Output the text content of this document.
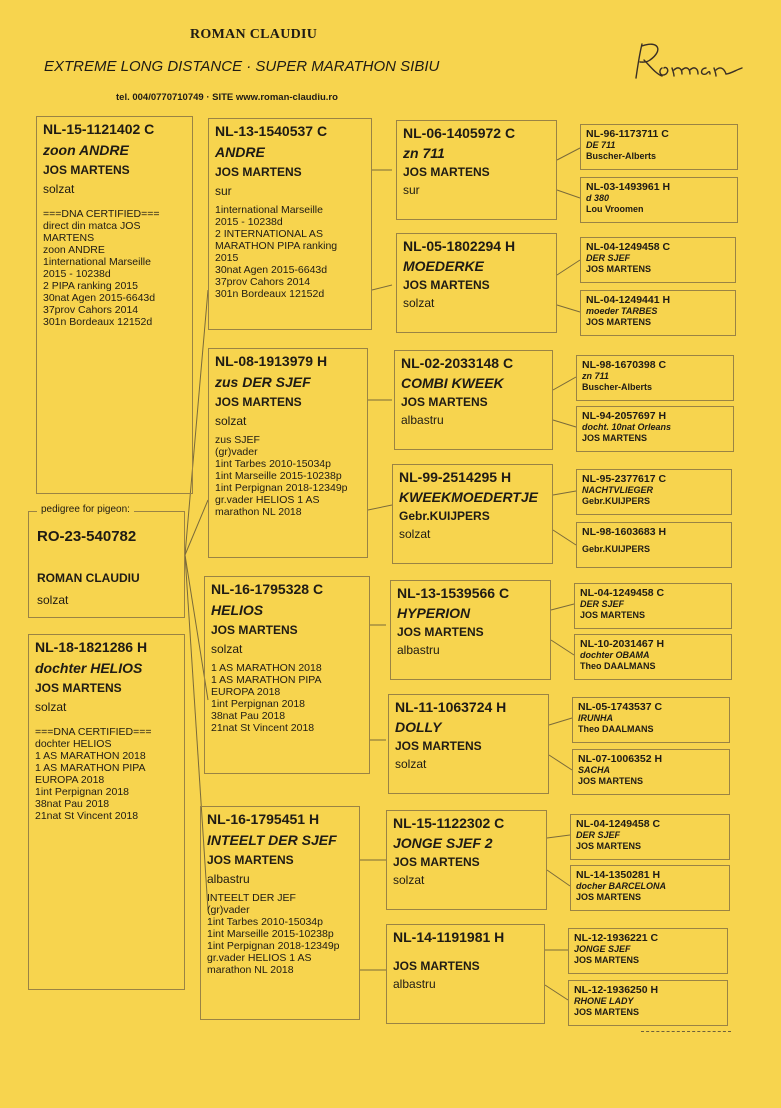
ROMAN CLAUDIU
EXTREME LONG DISTANCE · SUPER MARATHON SIBIU
tel. 004/0770710749 · SITE www.roman-claudiu.ro
NL-15-1121402 C
zoon ANDRE
JOS MARTENS
solzat
===DNA CERTIFIED===
direct din matca JOS
MARTENS
zoon ANDRE
1international Marseille
2015 - 10238d
2 PIPA ranking 2015
30nat Agen 2015-6643d
37prov Cahors 2014
301n Bordeaux 12152d
pedigree for pigeon:
RO-23-540782
ROMAN CLAUDIU
solzat
NL-18-1821286 H
dochter HELIOS
JOS MARTENS
solzat
===DNA CERTIFIED===
dochter HELIOS
1 AS MARATHON 2018
1 AS MARATHON PIPA
EUROPA 2018
1int Perpignan 2018
38nat Pau 2018
21nat St Vincent 2018
NL-13-1540537 C
ANDRE
JOS MARTENS
sur
1international Marseille
2015 - 10238d
2 INTERNATIONAL AS
MARATHON PIPA ranking
2015
30nat Agen 2015-6643d
37prov Cahors 2014
301n Bordeaux 12152d
NL-08-1913979 H
zus DER SJEF
JOS MARTENS
solzat
zus SJEF
(gr)vader
1int Tarbes 2010-15034p
1int Marseille 2015-10238p
1int Perpignan 2018-12349p
gr.vader HELIOS 1 AS
marathon NL 2018
NL-16-1795328 C
HELIOS
JOS MARTENS
solzat
1 AS MARATHON 2018
1 AS MARATHON PIPA
EUROPA 2018
1int Perpignan 2018
38nat Pau 2018
21nat St Vincent 2018
NL-16-1795451 H
INTEELT DER SJEF
JOS MARTENS
albastru
INTEELT DER JEF
(gr)vader
1int Tarbes 2010-15034p
1int Marseille 2015-10238p
1int Perpignan 2018-12349p
gr.vader HELIOS 1 AS
marathon NL 2018
NL-06-1405972 C
zn 711
JOS MARTENS
sur
NL-05-1802294 H
MOEDERKE
JOS MARTENS
solzat
NL-02-2033148 C
COMBI KWEEK
JOS MARTENS
albastru
NL-99-2514295 H
KWEEKMOEDERTJE
Gebr.KUIJPERS
solzat
NL-13-1539566 C
HYPERION
JOS MARTENS
albastru
NL-11-1063724 H
DOLLY
JOS MARTENS
solzat
NL-15-1122302 C
JONGE SJEF 2
JOS MARTENS
solzat
NL-14-1191981 H
JOS MARTENS
albastru
NL-96-1173711 C
DE 711
Buscher-Alberts
NL-03-1493961 H
d 380
Lou Vroomen
NL-04-1249458 C
DER SJEF
JOS MARTENS
NL-04-1249441 H
moeder TARBES
JOS MARTENS
NL-98-1670398 C
zn 711
Buscher-Alberts
NL-94-2057697 H
docht. 10nat Orleans
JOS MARTENS
NL-95-2377617 C
NACHTVLIEGER
Gebr.KUIJPERS
NL-98-1603683 H
Gebr.KUIJPERS
NL-04-1249458 C
DER SJEF
JOS MARTENS
NL-10-2031467 H
dochter OBAMA
Theo DAALMANS
NL-05-1743537 C
IRUNHA
Theo DAALMANS
NL-07-1006352 H
SACHA
JOS MARTENS
NL-04-1249458 C
DER SJEF
JOS MARTENS
NL-14-1350281 H
docher BARCELONA
JOS MARTENS
NL-12-1936221 C
JONGE SJEF
JOS MARTENS
NL-12-1936250 H
RHONE LADY
JOS MARTENS
